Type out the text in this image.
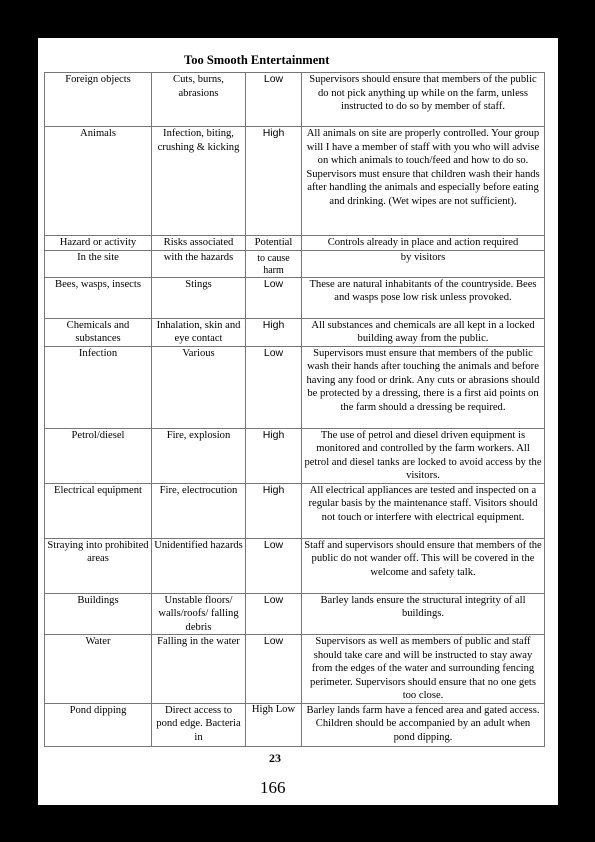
Too Smooth Entertainment
Foreign objects	Cuts, burns, abrasions	Low	Supervisors should ensure that members of the public do not pick anything up while on the farm, unless instructed to do so by member of staff.
Animals	Infection, biting, crushing & kicking	High	All animals on site are properly controlled. Your group will I have a member of staff with you who will advise on which animals to touch/feed and how to do so. Supervisors must ensure that children wash their hands after handling the animals and especially before eating and drinking. (Wet wipes are not sufficient).
Hazard or activity	Risks associated	Potential	Controls already in place and action required
In the site	with the hazards	to cause harm	by visitors
Bees, wasps, insects	Stings	Low	These are natural inhabitants of the countryside. Bees and wasps pose low risk unless provoked.
Chemicals and substances	Inhalation, skin and eye contact	High	All substances and chemicals are all kept in a locked building away from the public.
Infection	Various	Low	Supervisors must ensure that members of the public wash their hands after touching the animals and before having any food or drink. Any cuts or abrasions should be protected by a dressing, there is a first aid points on the farm should a dressing be required.
Petrol/diesel	Fire, explosion	High	The use of petrol and diesel driven equipment is monitored and controlled by the farm workers. All petrol and diesel tanks are locked to avoid access by the visitors.
Electrical equipment	Fire, electrocution	High	All electrical appliances are tested and inspected on a regular basis by the maintenance staff. Visitors should not touch or interfere with electrical equipment.
Straying into prohibited areas	Unidentified hazards	Low	Staff and supervisors should ensure that members of the public do not wander off. This will be covered in the welcome and safety talk.
Buildings	Unstable floors/ walls/roofs/ falling debris	Low	Barley lands ensure the structural integrity of all buildings.
Water	Falling in the water	Low	Supervisors as well as members of public and staff should take care and will be instructed to stay away from the edges of the water and surrounding fencing perimeter. Supervisors should ensure that no one gets too close.
Pond dipping	Direct access to pond edge. Bacteria in	High Low	Barley lands farm have a fenced area and gated access. Children should be accompanied by an adult when pond dipping.
23
166
